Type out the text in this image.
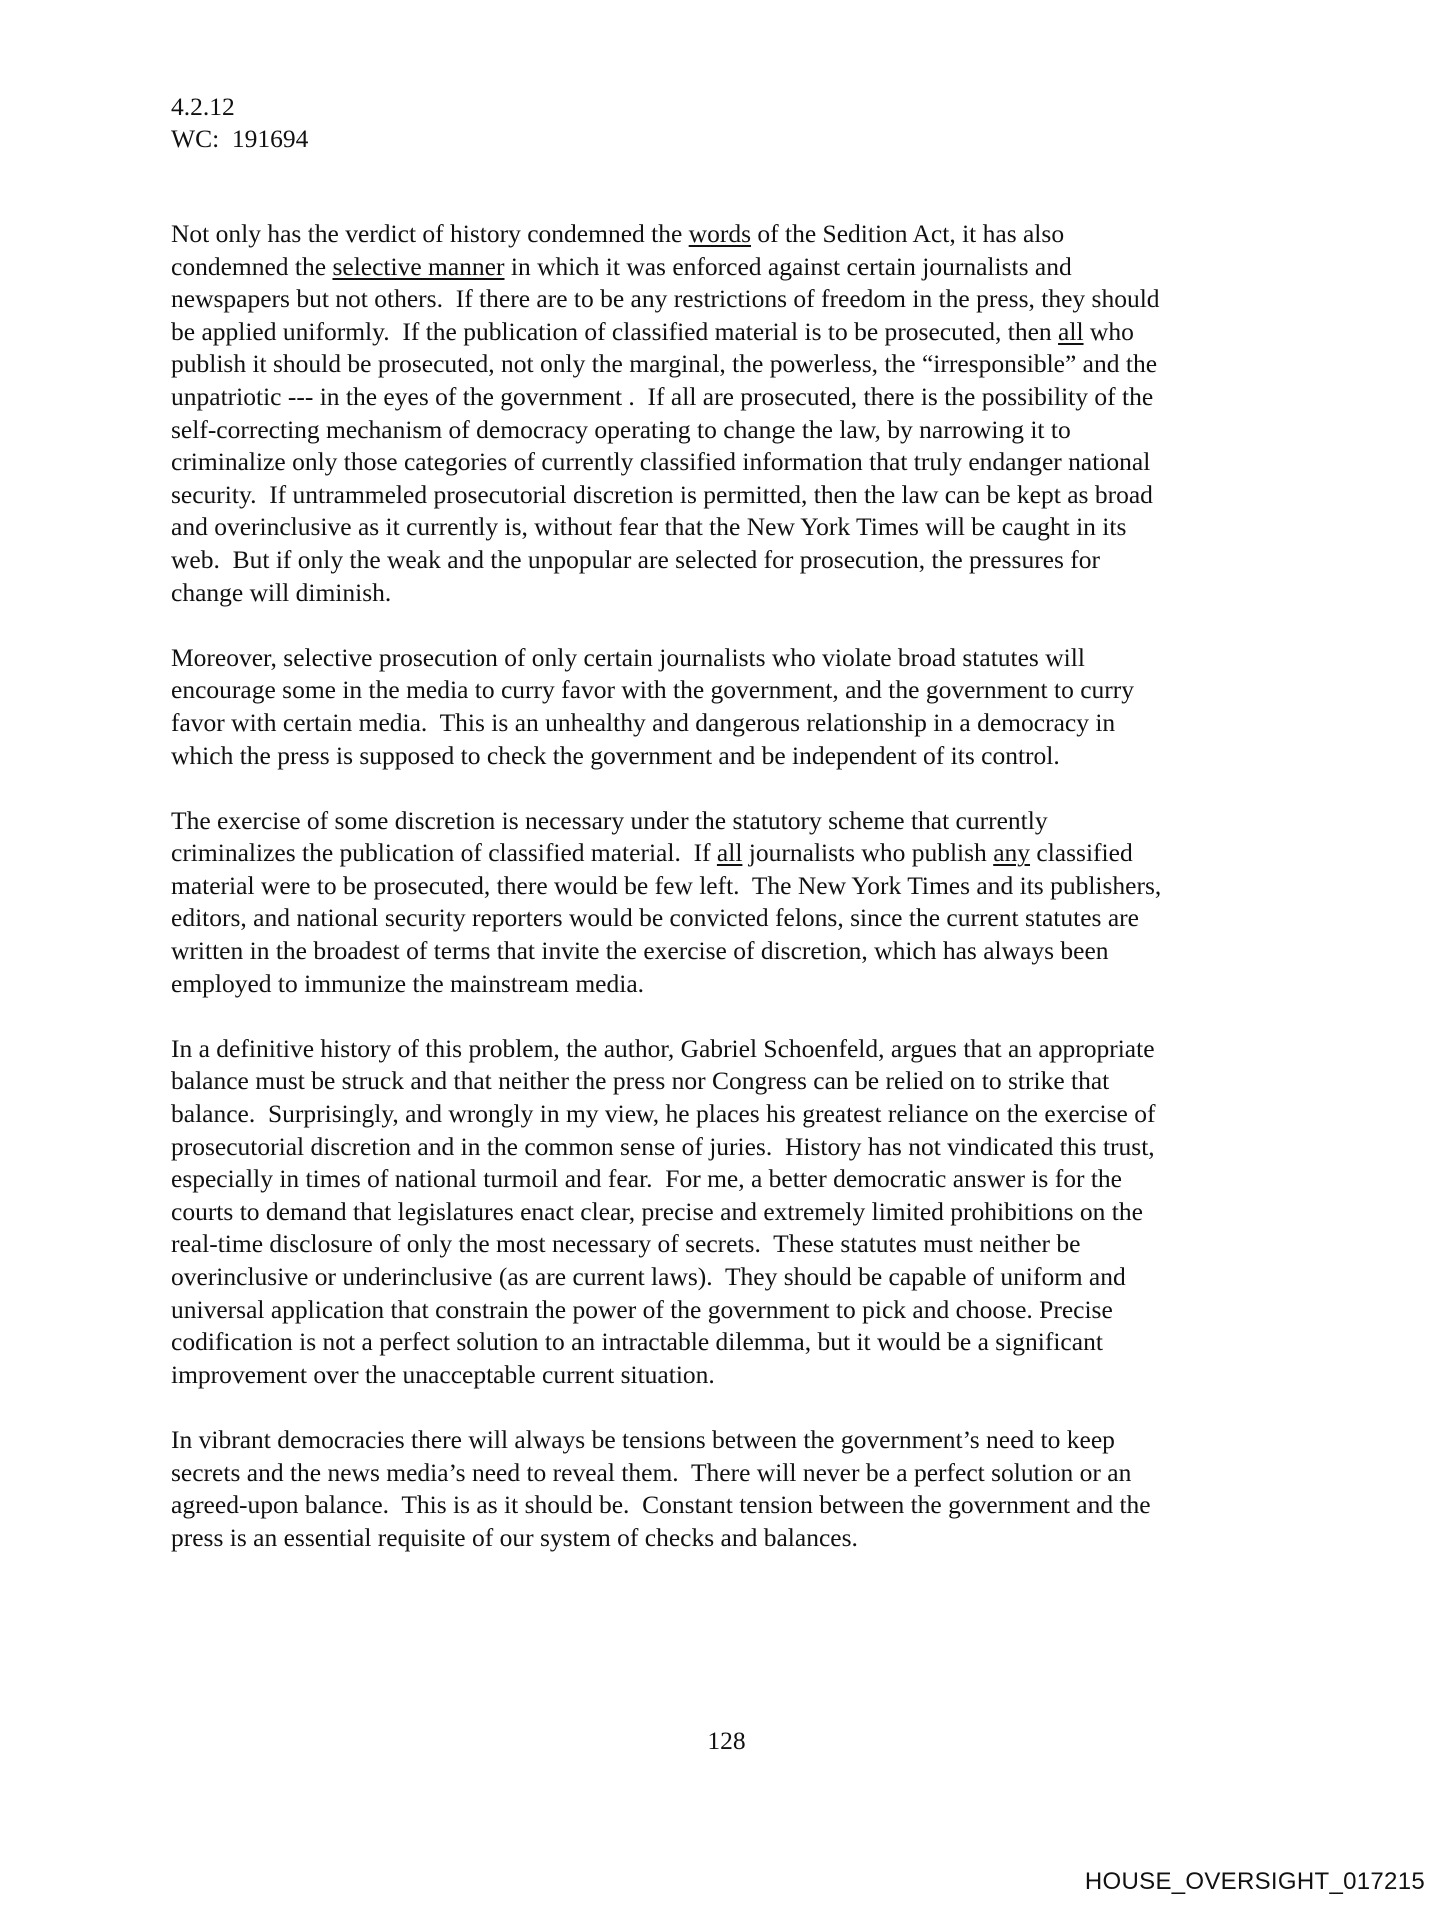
4.2.12
WC:  191694
Not only has the verdict of history condemned the words of the Sedition Act, it has also
condemned the selective manner in which it was enforced against certain journalists and
newspapers but not others.  If there are to be any restrictions of freedom in the press, they should
be applied uniformly.  If the publication of classified material is to be prosecuted, then all who
publish it should be prosecuted, not only the marginal, the powerless, the “irresponsible” and the
unpatriotic --- in the eyes of the government .  If all are prosecuted, there is the possibility of the
self-correcting mechanism of democracy operating to change the law, by narrowing it to
criminalize only those categories of currently classified information that truly endanger national
security.  If untrammeled prosecutorial discretion is permitted, then the law can be kept as broad
and overinclusive as it currently is, without fear that the New York Times will be caught in its
web.  But if only the weak and the unpopular are selected for prosecution, the pressures for
change will diminish.
Moreover, selective prosecution of only certain journalists who violate broad statutes will
encourage some in the media to curry favor with the government, and the government to curry
favor with certain media.  This is an unhealthy and dangerous relationship in a democracy in
which the press is supposed to check the government and be independent of its control.
The exercise of some discretion is necessary under the statutory scheme that currently
criminalizes the publication of classified material.  If all journalists who publish any classified
material were to be prosecuted, there would be few left.  The New York Times and its publishers,
editors, and national security reporters would be convicted felons, since the current statutes are
written in the broadest of terms that invite the exercise of discretion, which has always been
employed to immunize the mainstream media.
In a definitive history of this problem, the author, Gabriel Schoenfeld, argues that an appropriate
balance must be struck and that neither the press nor Congress can be relied on to strike that
balance.  Surprisingly, and wrongly in my view, he places his greatest reliance on the exercise of
prosecutorial discretion and in the common sense of juries.  History has not vindicated this trust,
especially in times of national turmoil and fear.  For me, a better democratic answer is for the
courts to demand that legislatures enact clear, precise and extremely limited prohibitions on the
real-time disclosure of only the most necessary of secrets.  These statutes must neither be
overinclusive or underinclusive (as are current laws).  They should be capable of uniform and
universal application that constrain the power of the government to pick and choose. Precise
codification is not a perfect solution to an intractable dilemma, but it would be a significant
improvement over the unacceptable current situation.
In vibrant democracies there will always be tensions between the government’s need to keep
secrets and the news media’s need to reveal them.  There will never be a perfect solution or an
agreed-upon balance.  This is as it should be.  Constant tension between the government and the
press is an essential requisite of our system of checks and balances.
128
HOUSE_OVERSIGHT_017215
